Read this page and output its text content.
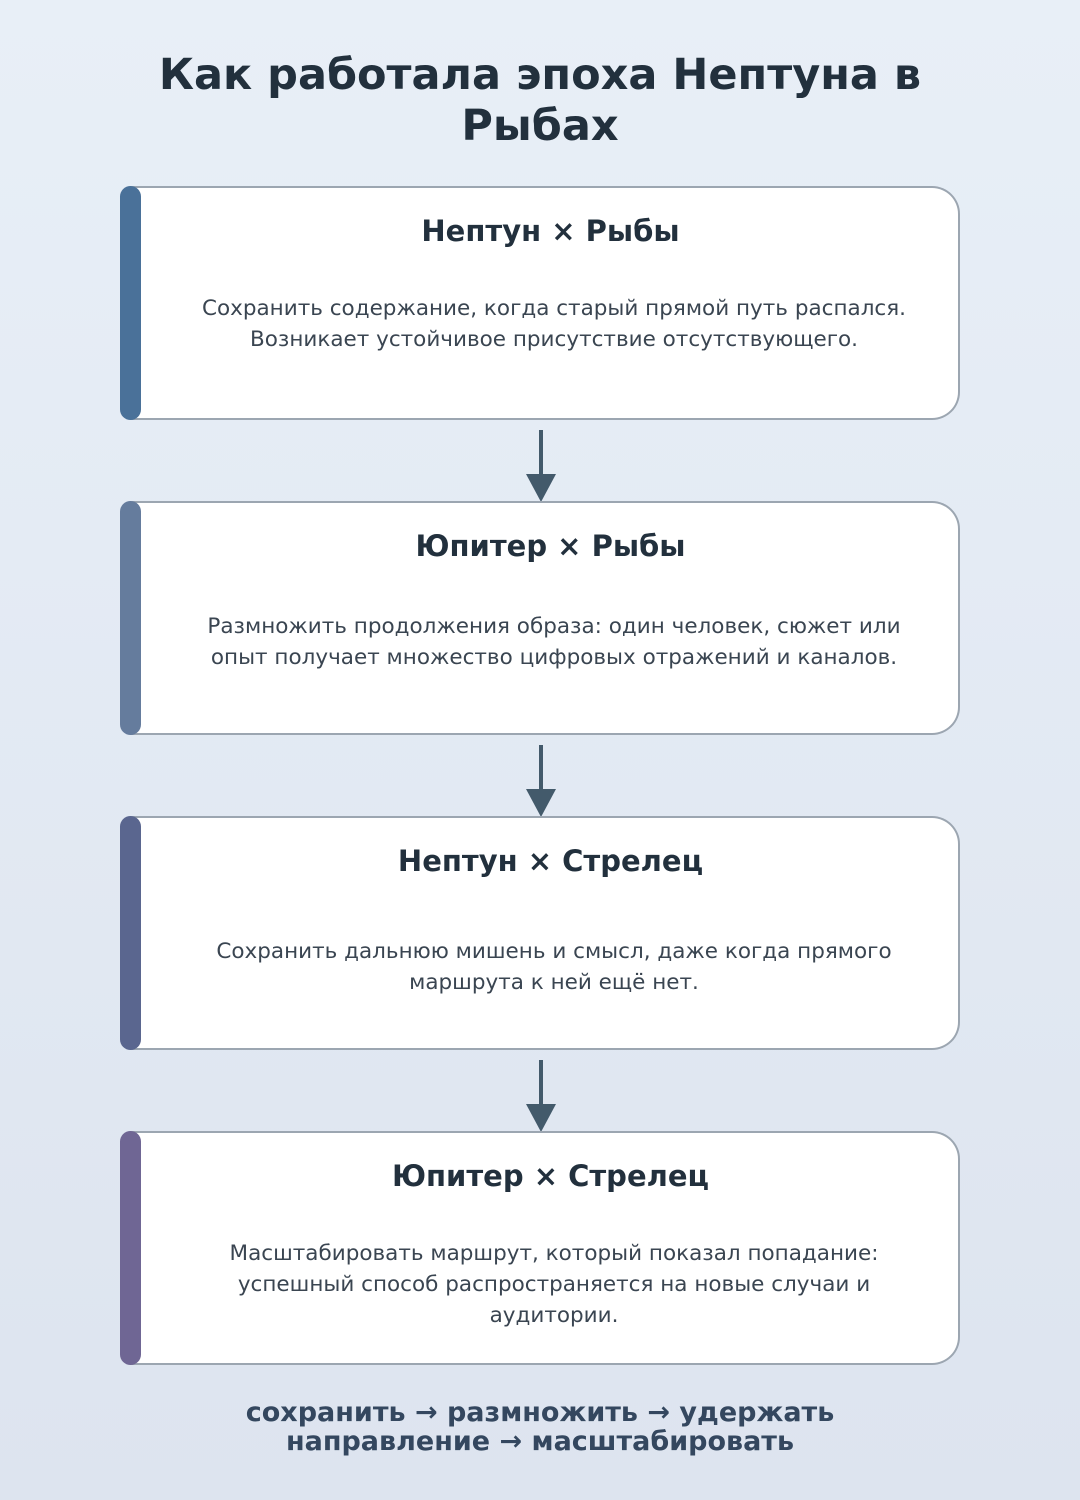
Как работала эпоха Нептуна в Рыбах
Нептун × Рыбы
Сохранить содержание, когда старый прямой путь распался. Возникает устойчивое присутствие отсутствующего.
Юпитер × Рыбы
Размножить продолжения образа: один человек, сюжет или опыт получает множество цифровых отражений и каналов.
Нептун × Стрелец
Сохранить дальнюю мишень и смысл, даже когда прямого маршрута к ней ещё нет.
Юпитер × Стрелец
Масштабировать маршрут, который показал попадание: успешный способ распространяется на новые случаи и аудитории.
сохранить → размножить → удержать
направление → масштабировать
